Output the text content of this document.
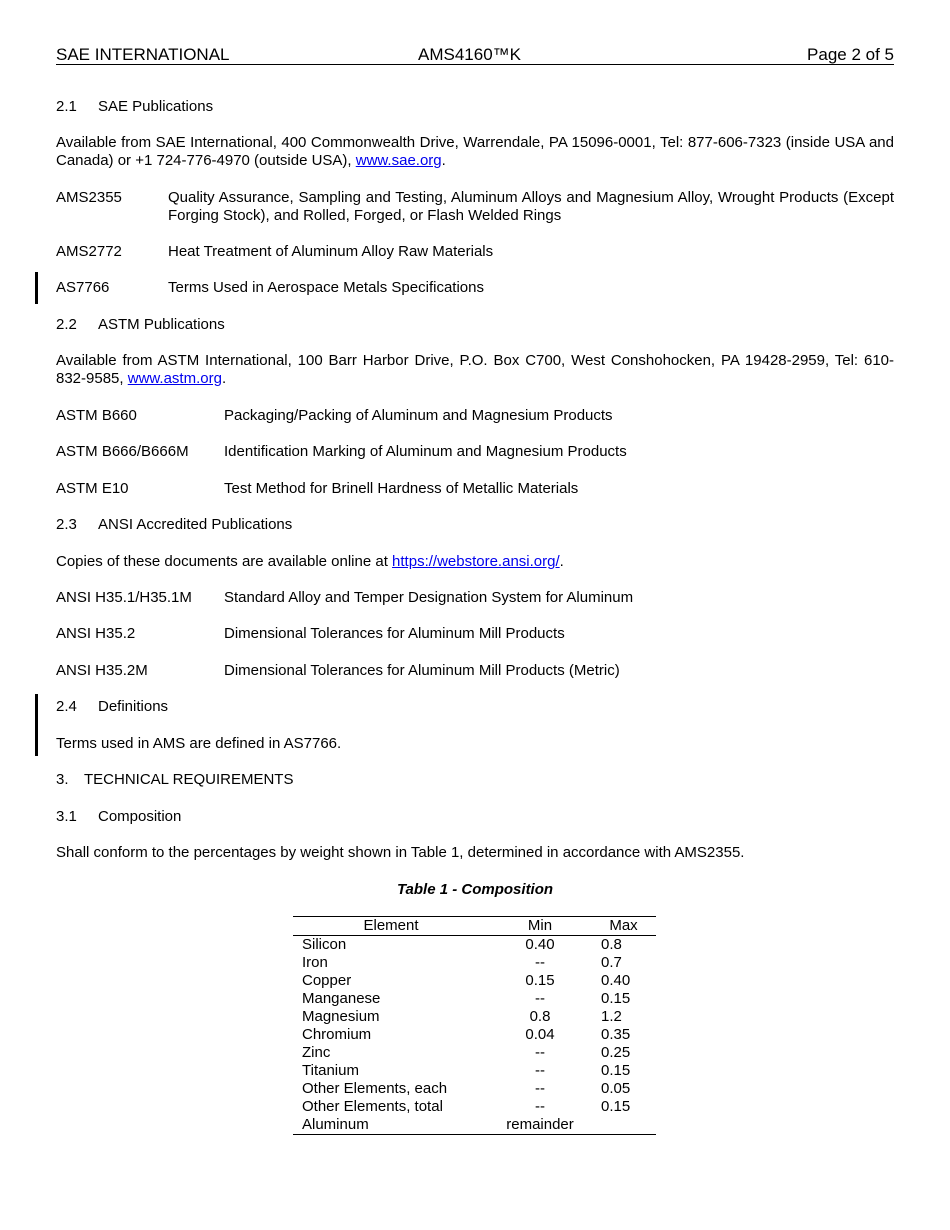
SAE INTERNATIONAL	AMS4160™K	Page 2 of 5
2.1 SAE Publications
Available from SAE International, 400 Commonwealth Drive, Warrendale, PA 15096-0001, Tel: 877-606-7323 (inside USA and Canada) or +1 724-776-4970 (outside USA), www.sae.org.
AMS2355	Quality Assurance, Sampling and Testing, Aluminum Alloys and Magnesium Alloy, Wrought Products (Except Forging Stock), and Rolled, Forged, or Flash Welded Rings
AMS2772	Heat Treatment of Aluminum Alloy Raw Materials
AS7766	Terms Used in Aerospace Metals Specifications
2.2 ASTM Publications
Available from ASTM International, 100 Barr Harbor Drive, P.O. Box C700, West Conshohocken, PA 19428-2959, Tel: 610-832-9585, www.astm.org.
ASTM B660	Packaging/Packing of Aluminum and Magnesium Products
ASTM B666/B666M Identification Marking of Aluminum and Magnesium Products
ASTM E10	Test Method for Brinell Hardness of Metallic Materials
2.3 ANSI Accredited Publications
Copies of these documents are available online at https://webstore.ansi.org/.
ANSI H35.1/H35.1M Standard Alloy and Temper Designation System for Aluminum
ANSI H35.2	Dimensional Tolerances for Aluminum Mill Products
ANSI H35.2M	Dimensional Tolerances for Aluminum Mill Products (Metric)
2.4 Definitions
Terms used in AMS are defined in AS7766.
3. TECHNICAL REQUIREMENTS
3.1 Composition
Shall conform to the percentages by weight shown in Table 1, determined in accordance with AMS2355.
Table 1 - Composition
Element	Min	Max
Silicon	0.40	0.8
Iron	--	0.7
Copper	0.15	0.40
Manganese	--	0.15
Magnesium	0.8	1.2
Chromium	0.04	0.35
Zinc	--	0.25
Titanium	--	0.15
Other Elements, each	--	0.05
Other Elements, total	--	0.15
Aluminum	remainder	
